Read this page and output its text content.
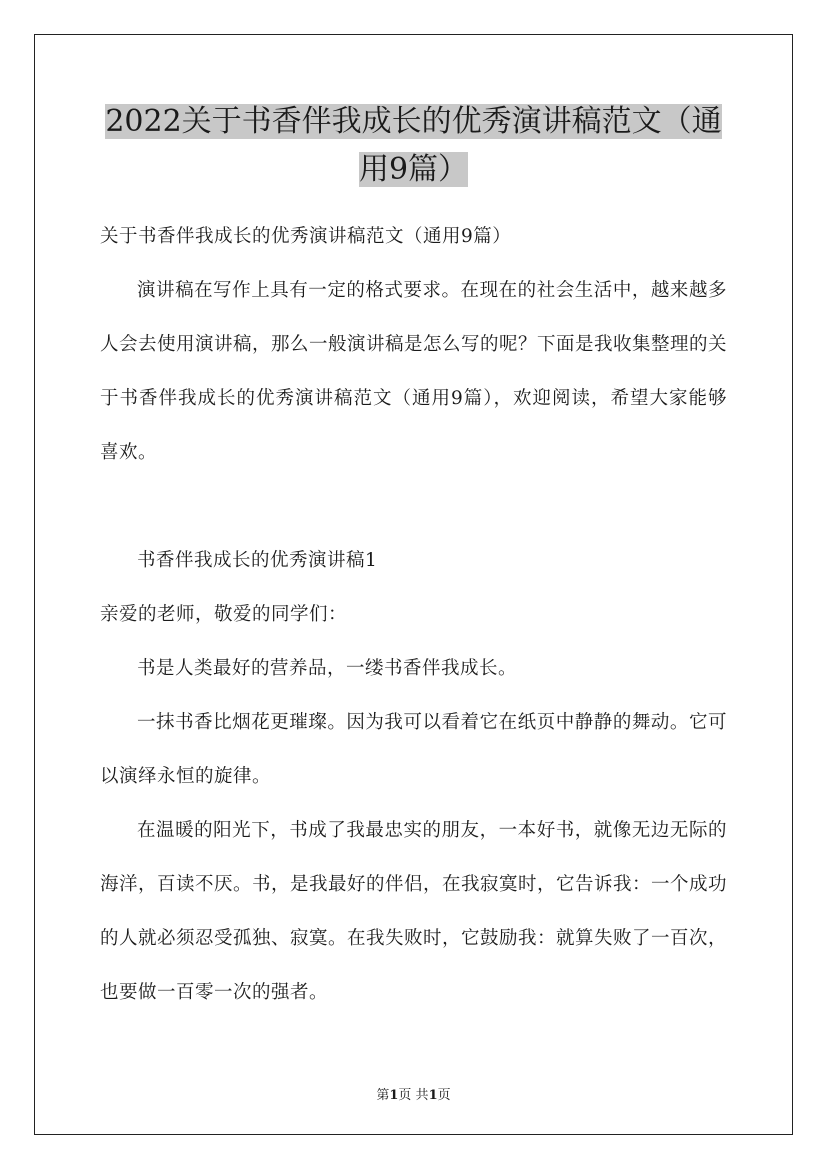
2022关于书香伴我成长的优秀演讲稿范文（通用9篇）

关于书香伴我成长的优秀演讲稿范文（通用9篇）

演讲稿在写作上具有一定的格式要求。在现在的社会生活中，越来越多人会去使用演讲稿，那么一般演讲稿是怎么写的呢？下面是我收集整理的关于书香伴我成长的优秀演讲稿范文（通用9篇），欢迎阅读，希望大家能够喜欢。

书香伴我成长的优秀演讲稿1

亲爱的老师，敬爱的同学们：

书是人类最好的营养品，一缕书香伴我成长。

一抹书香比烟花更璀璨。因为我可以看着它在纸页中静静的舞动。它可以演绎永恒的旋律。

在温暖的阳光下，书成了我最忠实的朋友，一本好书，就像无边无际的海洋，百读不厌。书，是我最好的伴侣，在我寂寞时，它告诉我：一个成功的人就必须忍受孤独、寂寞。在我失败时，它鼓励我：就算失败了一百次，也要做一百零一次的强者。

第1页 共1页
